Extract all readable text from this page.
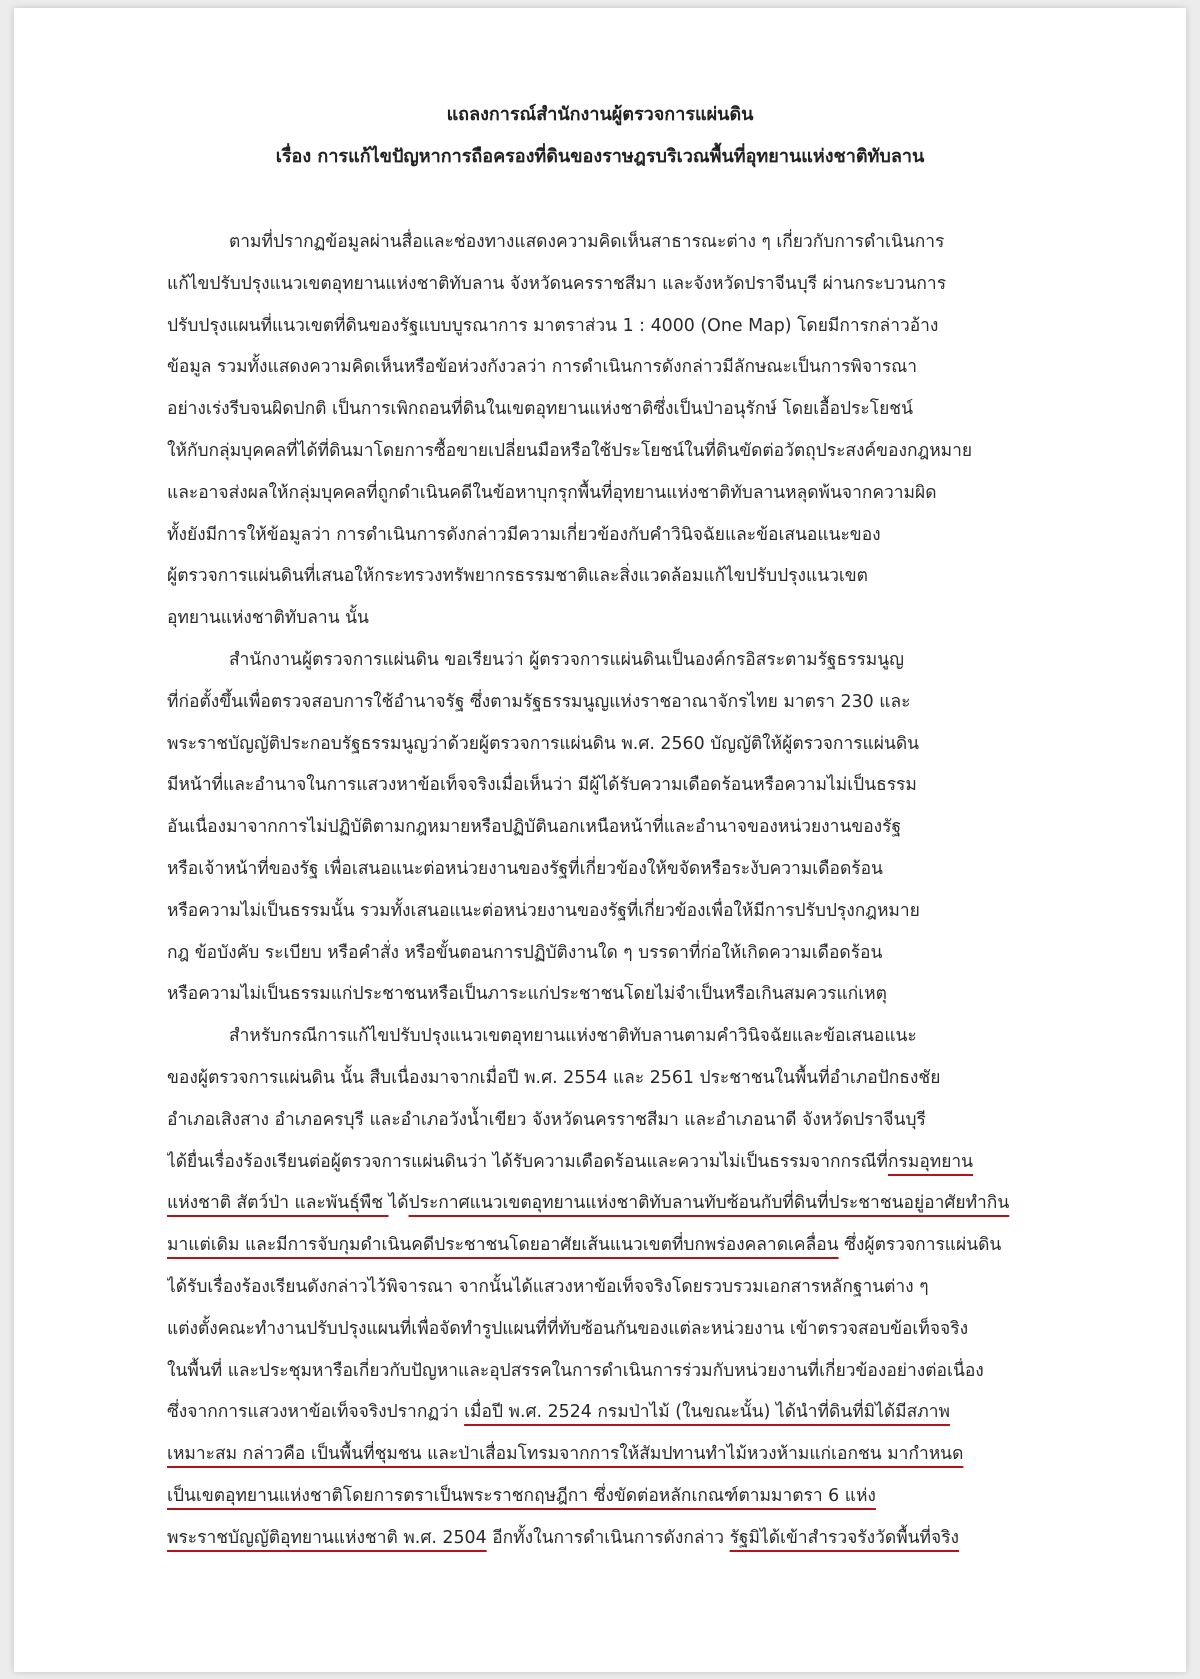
แถลงการณ์สำนักงานผู้ตรวจการแผ่นดิน
เรื่อง การแก้ไขปัญหาการถือครองที่ดินของราษฎรบริเวณพื้นที่อุทยานแห่งชาติทับลาน
ตามที่ปรากฏข้อมูลผ่านสื่อและช่องทางแสดงความคิดเห็นสาธารณะต่าง ๆ เกี่ยวกับการดำเนินการ
แก้ไขปรับปรุงแนวเขตอุทยานแห่งชาติทับลาน จังหวัดนครราชสีมา และจังหวัดปราจีนบุรี ผ่านกระบวนการ
ปรับปรุงแผนที่แนวเขตที่ดินของรัฐแบบบูรณาการ มาตราส่วน 1 : 4000 (One Map) โดยมีการกล่าวอ้าง
ข้อมูล รวมทั้งแสดงความคิดเห็นหรือข้อห่วงกังวลว่า การดำเนินการดังกล่าวมีลักษณะเป็นการพิจารณา
อย่างเร่งรีบจนผิดปกติ เป็นการเพิกถอนที่ดินในเขตอุทยานแห่งชาติซึ่งเป็นป่าอนุรักษ์ โดยเอื้อประโยชน์
ให้กับกลุ่มบุคคลที่ได้ที่ดินมาโดยการซื้อขายเปลี่ยนมือหรือใช้ประโยชน์ในที่ดินขัดต่อวัตถุประสงค์ของกฎหมาย
และอาจส่งผลให้กลุ่มบุคคลที่ถูกดำเนินคดีในข้อหาบุกรุกพื้นที่อุทยานแห่งชาติทับลานหลุดพ้นจากความผิด
ทั้งยังมีการให้ข้อมูลว่า การดำเนินการดังกล่าวมีความเกี่ยวข้องกับคำวินิจฉัยและข้อเสนอแนะของ
ผู้ตรวจการแผ่นดินที่เสนอให้กระทรวงทรัพยากรธรรมชาติและสิ่งแวดล้อมแก้ไขปรับปรุงแนวเขต
อุทยานแห่งชาติทับลาน นั้น
สำนักงานผู้ตรวจการแผ่นดิน ขอเรียนว่า ผู้ตรวจการแผ่นดินเป็นองค์กรอิสระตามรัฐธรรมนูญ
ที่ก่อตั้งขึ้นเพื่อตรวจสอบการใช้อำนาจรัฐ ซึ่งตามรัฐธรรมนูญแห่งราชอาณาจักรไทย มาตรา 230 และ
พระราชบัญญัติประกอบรัฐธรรมนูญว่าด้วยผู้ตรวจการแผ่นดิน พ.ศ. 2560 บัญญัติให้ผู้ตรวจการแผ่นดิน
มีหน้าที่และอำนาจในการแสวงหาข้อเท็จจริงเมื่อเห็นว่า มีผู้ได้รับความเดือดร้อนหรือความไม่เป็นธรรม
อันเนื่องมาจากการไม่ปฏิบัติตามกฎหมายหรือปฏิบัตินอกเหนือหน้าที่และอำนาจของหน่วยงานของรัฐ
หรือเจ้าหน้าที่ของรัฐ เพื่อเสนอแนะต่อหน่วยงานของรัฐที่เกี่ยวข้องให้ขจัดหรือระงับความเดือดร้อน
หรือความไม่เป็นธรรมนั้น รวมทั้งเสนอแนะต่อหน่วยงานของรัฐที่เกี่ยวข้องเพื่อให้มีการปรับปรุงกฎหมาย
กฎ ข้อบังคับ ระเบียบ หรือคำสั่ง หรือขั้นตอนการปฏิบัติงานใด ๆ บรรดาที่ก่อให้เกิดความเดือดร้อน
หรือความไม่เป็นธรรมแก่ประชาชนหรือเป็นภาระแก่ประชาชนโดยไม่จำเป็นหรือเกินสมควรแก่เหตุ
สำหรับกรณีการแก้ไขปรับปรุงแนวเขตอุทยานแห่งชาติทับลานตามคำวินิจฉัยและข้อเสนอแนะ
ของผู้ตรวจการแผ่นดิน นั้น สืบเนื่องมาจากเมื่อปี พ.ศ. 2554 และ 2561 ประชาชนในพื้นที่อำเภอปักธงชัย
อำเภอเสิงสาง อำเภอครบุรี และอำเภอวังน้ำเขียว จังหวัดนครราชสีมา และอำเภอนาดี จังหวัดปราจีนบุรี
ได้ยื่นเรื่องร้องเรียนต่อผู้ตรวจการแผ่นดินว่า ได้รับความเดือดร้อนและความไม่เป็นธรรมจากกรณีที่กรมอุทยาน
แห่งชาติ สัตว์ป่า และพันธุ์พืช ได้ประกาศแนวเขตอุทยานแห่งชาติทับลานทับซ้อนกับที่ดินที่ประชาชนอยู่อาศัยทำกิน
มาแต่เดิม และมีการจับกุมดำเนินคดีประชาชนโดยอาศัยเส้นแนวเขตที่บกพร่องคลาดเคลื่อน ซึ่งผู้ตรวจการแผ่นดิน
ได้รับเรื่องร้องเรียนดังกล่าวไว้พิจารณา จากนั้นได้แสวงหาข้อเท็จจริงโดยรวบรวมเอกสารหลักฐานต่าง ๆ
แต่งตั้งคณะทำงานปรับปรุงแผนที่เพื่อจัดทำรูปแผนที่ที่ทับซ้อนกันของแต่ละหน่วยงาน เข้าตรวจสอบข้อเท็จจริง
ในพื้นที่ และประชุมหารือเกี่ยวกับปัญหาและอุปสรรคในการดำเนินการร่วมกับหน่วยงานที่เกี่ยวข้องอย่างต่อเนื่อง
ซึ่งจากการแสวงหาข้อเท็จจริงปรากฏว่า เมื่อปี พ.ศ. 2524 กรมป่าไม้ (ในขณะนั้น) ได้นำที่ดินที่มิได้มีสภาพ
เหมาะสม กล่าวคือ เป็นพื้นที่ชุมชน และป่าเสื่อมโทรมจากการให้สัมปทานทำไม้หวงห้ามแก่เอกชน มากำหนด
เป็นเขตอุทยานแห่งชาติโดยการตราเป็นพระราชกฤษฎีกา ซึ่งขัดต่อหลักเกณฑ์ตามมาตรา 6 แห่ง
พระราชบัญญัติอุทยานแห่งชาติ พ.ศ. 2504 อีกทั้งในการดำเนินการดังกล่าว รัฐมิได้เข้าสำรวจรังวัดพื้นที่จริง
